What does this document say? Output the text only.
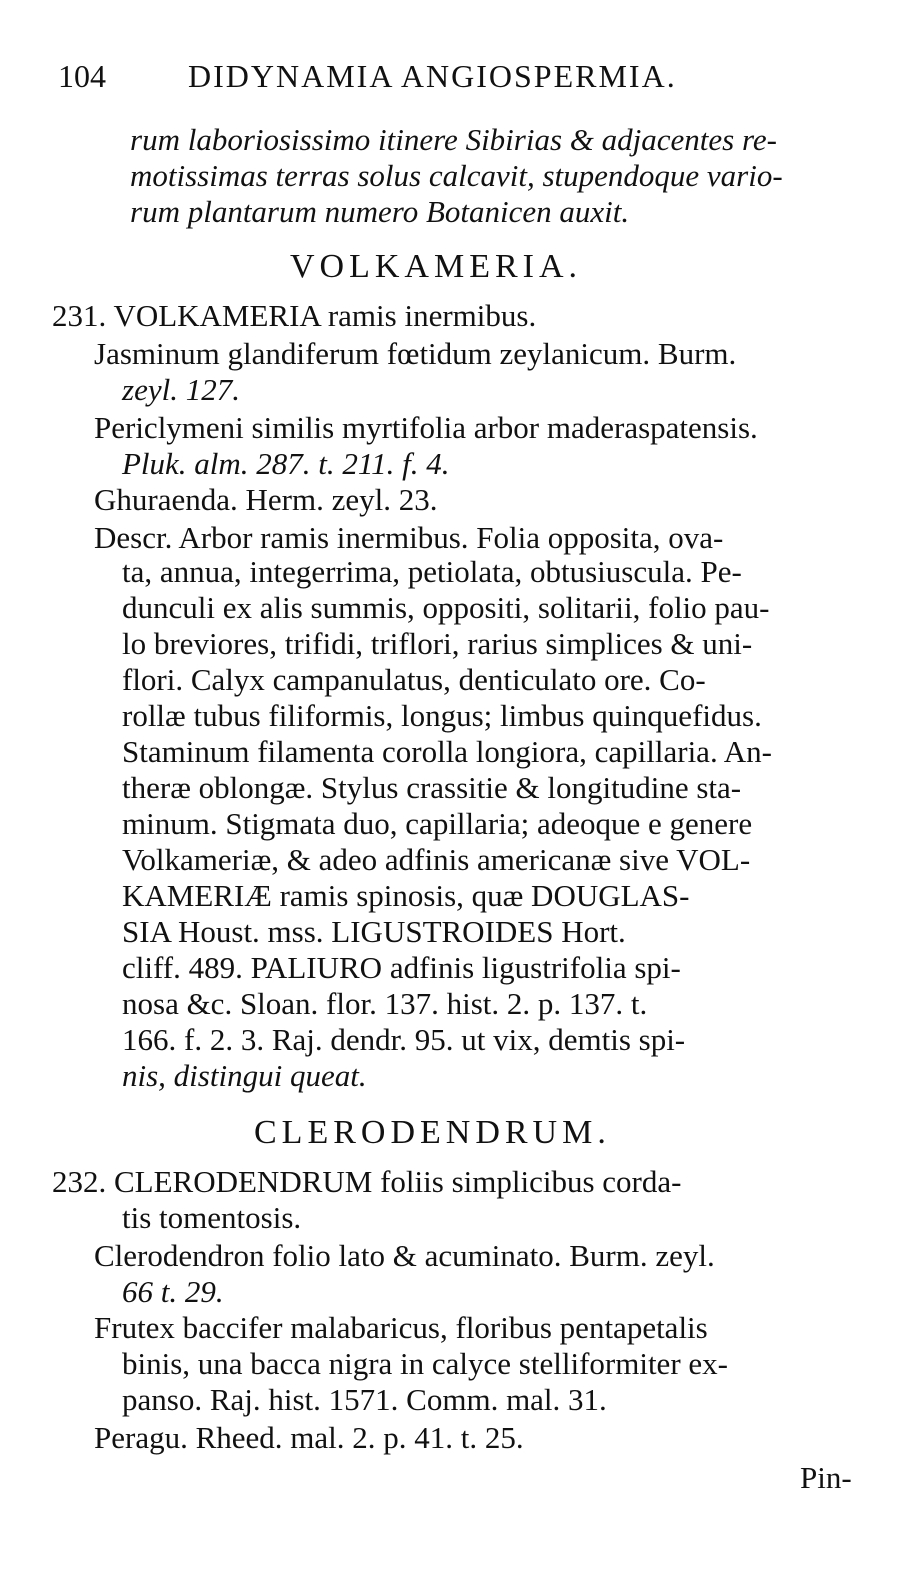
104	DIDYNAMIA ANGIOSPERMIA.
rum laboriosissimo itinere Sibirias & adjacentes re-
motissimas terras solus calcavit, stupendoque vario-
rum plantarum numero Botanicen auxit.
VOLKAMERIA.
231. VOLKAMERIA ramis inermibus.
Jasminum glandiferum fœtidum zeylanicum. Burm.
zeyl. 127.
Periclymeni similis myrtifolia arbor maderaspatensis.
Pluk. alm. 287. t. 211. f. 4.
Ghuraenda. Herm. zeyl. 23.
Descr. Arbor ramis inermibus. Folia opposita, ova-
ta, annua, integerrima, petiolata, obtusiuscula. Pe-
dunculi ex alis summis, oppositi, solitarii, folio pau-
lo breviores, trifidi, triflori, rarius simplices & uni-
flori. Calyx campanulatus, denticulato ore. Co-
rollæ tubus filiformis, longus; limbus quinquefidus.
Staminum filamenta corolla longiora, capillaria. An-
theræ oblongæ. Stylus crassitie & longitudine sta-
minum. Stigmata duo, capillaria; adeoque e genere
Volkameriæ, & adeo adfinis americanæ sive VOL-
KAMERIÆ ramis spinosis, quæ DOUGLAS-
SIA Houst. mss. LIGUSTROIDES Hort.
cliff. 489. PALIURO adfinis ligustrifolia spi-
nosa &c. Sloan. flor. 137. hist. 2. p. 137. t.
166. f. 2. 3. Raj. dendr. 95. ut vix, demtis spi-
nis, distingui queat.
CLERODENDRUM.
232. CLERODENDRUM foliis simplicibus corda-
tis tomentosis.
Clerodendron folio lato & acuminato. Burm. zeyl.
66 t. 29.
Frutex baccifer malabaricus, floribus pentapetalis
binis, una bacca nigra in calyce stelliformiter ex-
panso. Raj. hist. 1571. Comm. mal. 31.
Peragu. Rheed. mal. 2. p. 41. t. 25.
Pin-
